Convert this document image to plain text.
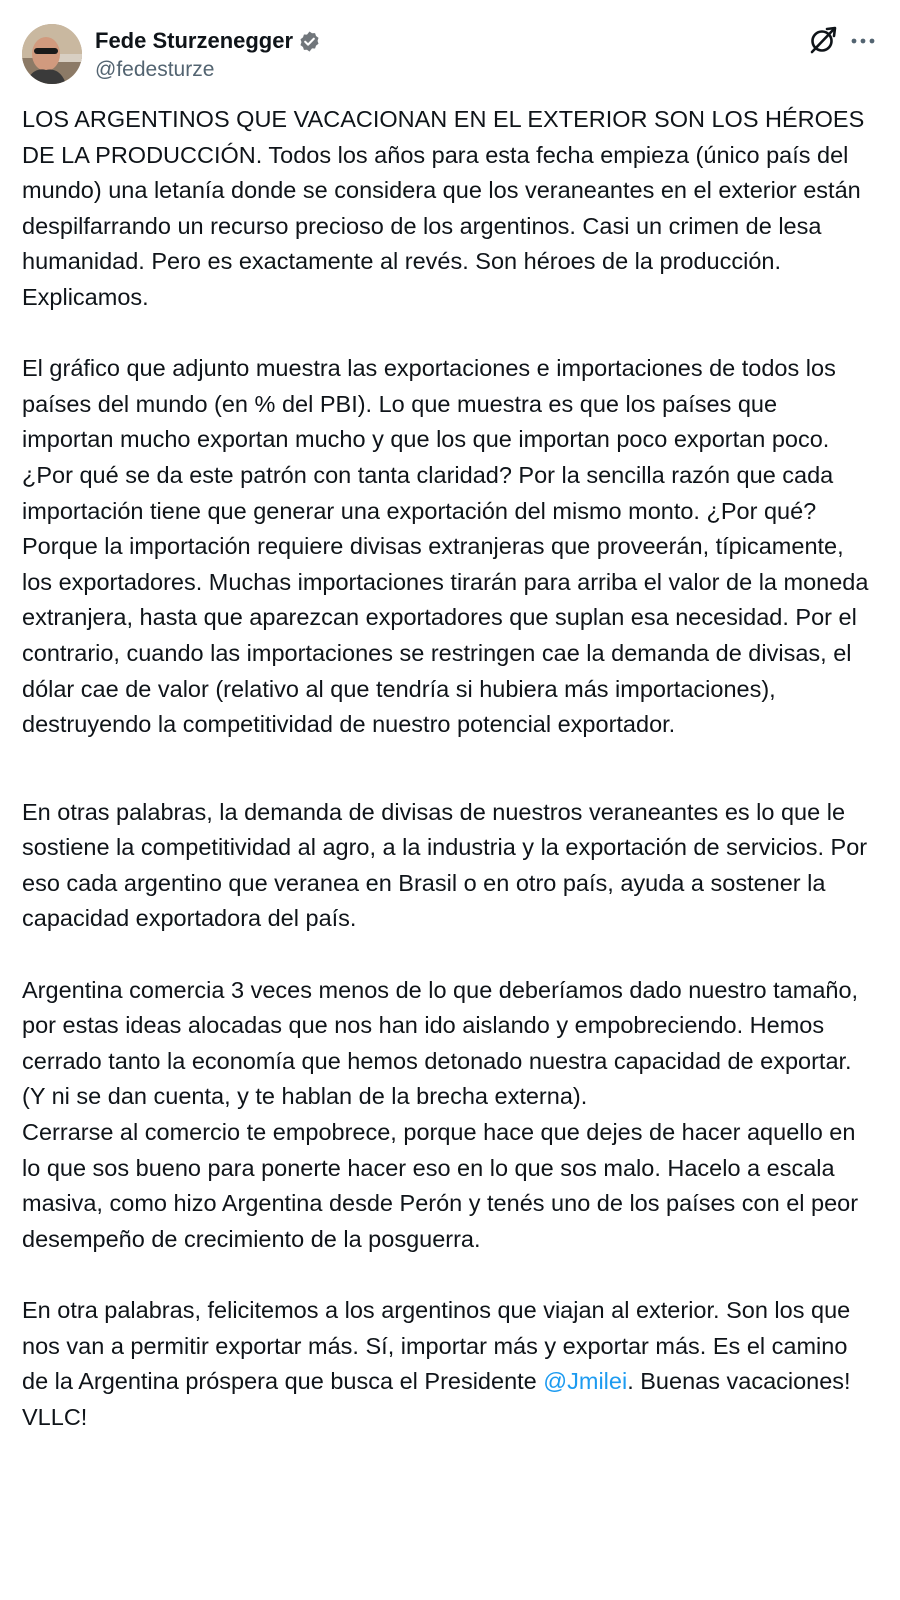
Fede Sturzenegger
@fedesturze

LOS ARGENTINOS QUE VACACIONAN EN EL EXTERIOR SON LOS HÉROES DE LA PRODUCCIÓN. Todos los años para esta fecha empieza (único país del mundo) una letanía donde se considera que los veraneantes en el exterior están despilfarrando un recurso precioso de los argentinos. Casi un crimen de lesa humanidad. Pero es exactamente al revés. Son héroes de la producción. Explicamos.

El gráfico que adjunto muestra las exportaciones e importaciones de todos los países del mundo (en % del PBI). Lo que muestra es que los países que importan mucho exportan mucho y que los que importan poco exportan poco. ¿Por qué se da este patrón con tanta claridad? Por la sencilla razón que cada importación tiene que generar una exportación del mismo monto. ¿Por qué? Porque la importación requiere divisas extranjeras que proveerán, típicamente, los exportadores. Muchas importaciones tirarán para arriba el valor de la moneda extranjera, hasta que aparezcan exportadores que suplan esa necesidad. Por el contrario, cuando las importaciones se restringen cae la demanda de divisas, el dólar cae de valor (relativo al que tendría si hubiera más importaciones), destruyendo la competitividad de nuestro potencial exportador.

En otras palabras, la demanda de divisas de nuestros veraneantes es lo que le sostiene la competitividad al agro, a la industria y la exportación de servicios. Por eso cada argentino que veranea en Brasil o en otro país, ayuda a sostener la capacidad exportadora del país.

Argentina comercia 3 veces menos de lo que deberíamos dado nuestro tamaño, por estas ideas alocadas que nos han ido aislando y empobreciendo. Hemos cerrado tanto la economía que hemos detonado nuestra capacidad de exportar. (Y ni se dan cuenta, y te hablan de la brecha externa).

Cerrarse al comercio te empobrece, porque hace que dejes de hacer aquello en lo que sos bueno para ponerte hacer eso en lo que sos malo. Hacelo a escala masiva, como hizo Argentina desde Perón y tenés uno de los países con el peor desempeño de crecimiento de la posguerra.

En otra palabras, felicitemos a los argentinos que viajan al exterior. Son los que nos van a permitir exportar más. Sí, importar más y exportar más. Es el camino de la Argentina próspera que busca el Presidente @Jmilei. Buenas vacaciones! VLLC!
